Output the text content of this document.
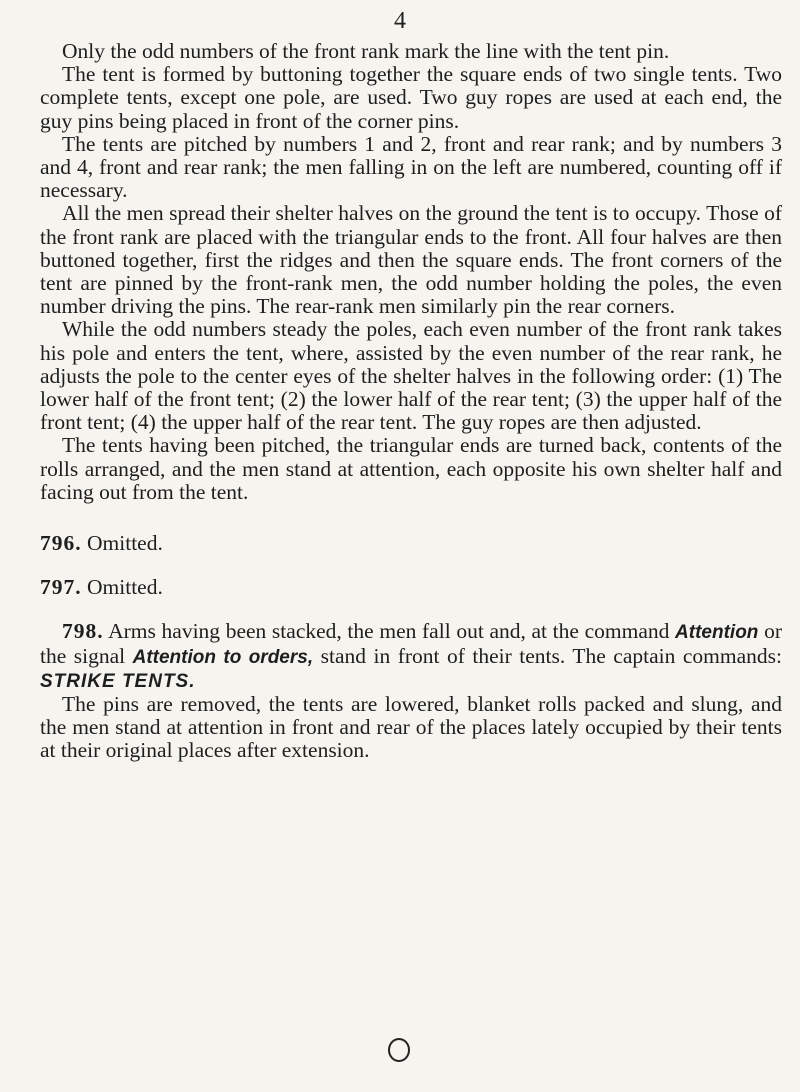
4

Only the odd numbers of the front rank mark the line with the tent pin.

The tent is formed by buttoning together the square ends of two single tents. Two complete tents, except one pole, are used. Two guy ropes are used at each end, the guy pins being placed in front of the corner pins.

The tents are pitched by numbers 1 and 2, front and rear rank; and by numbers 3 and 4, front and rear rank; the men falling in on the left are numbered, counting off if necessary.

All the men spread their shelter halves on the ground the tent is to occupy. Those of the front rank are placed with the triangular ends to the front. All four halves are then buttoned together, first the ridges and then the square ends. The front corners of the tent are pinned by the front-rank men, the odd number holding the poles, the even number driving the pins. The rear-rank men similarly pin the rear corners.

While the odd numbers steady the poles, each even number of the front rank takes his pole and enters the tent, where, assisted by the even number of the rear rank, he adjusts the pole to the center eyes of the shelter halves in the following order: (1) The lower half of the front tent; (2) the lower half of the rear tent; (3) the upper half of the front tent; (4) the upper half of the rear tent. The guy ropes are then adjusted.

The tents having been pitched, the triangular ends are turned back, contents of the rolls arranged, and the men stand at attention, each opposite his own shelter half and facing out from the tent.

796. Omitted.

797. Omitted.

798. Arms having been stacked, the men fall out and, at the command Attention or the signal Attention to orders, stand in front of their tents. The captain commands: STRIKE TENTS.

The pins are removed, the tents are lowered, blanket rolls packed and slung, and the men stand at attention in front and rear of the places lately occupied by their tents at their original places after extension.
